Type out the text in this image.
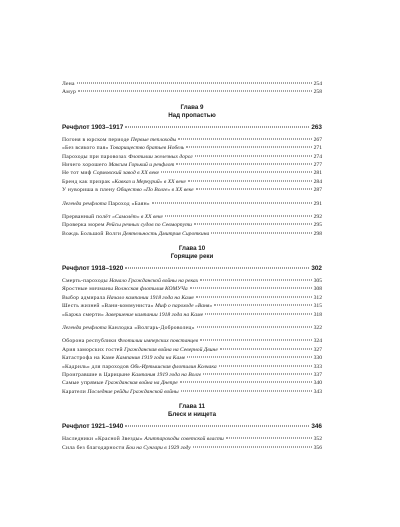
Лена	254
Амур	258
Глава 9
Над пропастью
Речфлот 1903–1917	263
Погоня в юрском периоде Первые теплоходы	267
«Без всякого пая» Товарищество братьев Нобель	271
Пароходы при паровозах Флотилии железных дорог	274
Ничего хорошего Максим Горький и речфлот	277
Не тот миф Сормовский завод в ХХ веке	281
Бренд как призрак «Кавказ и Меркурий» в ХХ веке	284
У нувориша в плену Общество «По Волге» в ХХ веке	287
Легенда речфлота Пароход «Баян»	291
Прерванный полёт «Самолёт» в ХХ веке	292
Проверка морем Рейсы речных судов по Севморпути	295
Вождь Большой Волги Деятельность Дмитрия Сироткина	298
Глава 10
Горящие реки
Речфлот 1918–1920	302
Смерть-пароходы Начало Гражданской войны на реках	305
Яростные мичманы Волжская флотилия КОМУЧа	308
Выбор адмирала Начало кампании 1918 года на Каме	312
Шесть жизней «Вани-коммуниста» Миф о пароходе «Ваня»	315
«Баржа смерти» Завершение кампании 1918 года на Каме	318
Легенда речфлота Канлодка «Волгарь-Доброволец»	322
Оборона республики Флотилии имперских повстанцев	324
Ария заморских гостей Гражданская война на Северной Двине	327
Катастрофа на Каме Кампания 1919 года на Каме	330
«Кадриль» для пароходов Обь-Иртышская флотилия Колчака	333
Проигравшие в Царицыне Кампания 1919 года на Волге	337
Самые упрямые Гражданская война на Днепре	340
Каратели Последние рейды Гражданской войны	343
Глава 11
Блеск и нищета
Речфлот 1921–1940	346
Наследники «Красной Звезды» Агитпароходы советской власти	352
Сила без благодарности Бои на Сунгари в 1929 году	356
